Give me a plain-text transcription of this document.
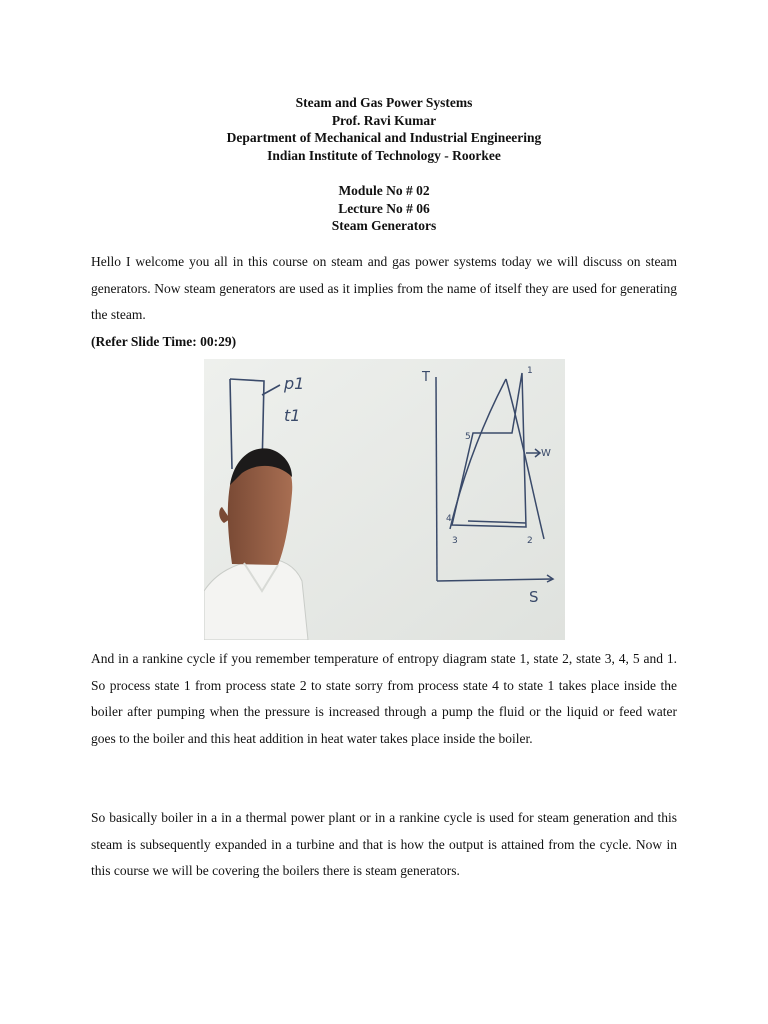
Steam and Gas Power Systems
Prof. Ravi Kumar
Department of Mechanical and Industrial Engineering
Indian Institute of Technology - Roorkee
Module No # 02
Lecture No # 06
Steam Generators

Hello I welcome you all in this course on steam and gas power systems today we will discuss on steam generators. Now steam generators are used as it implies from the name of itself they are used for generating the steam.

(Refer Slide Time: 00:29)
p1
t1
T
S
W
1
2
3
4
5

And in a rankine cycle if you remember temperature of entropy diagram state 1, state 2, state 3, 4, 5 and 1. So process state 1 from process state 2 to state sorry from process state 4 to state 1 takes place inside the boiler after pumping when the pressure is increased through a pump the fluid or the liquid or feed water goes to the boiler and this heat addition in heat water takes place inside the boiler.

So basically boiler in a in a thermal power plant or in a rankine cycle is used for steam generation and this steam is subsequently expanded in a turbine and that is how the output is attained from the cycle. Now in this course we will be covering the boilers there is steam generators.
